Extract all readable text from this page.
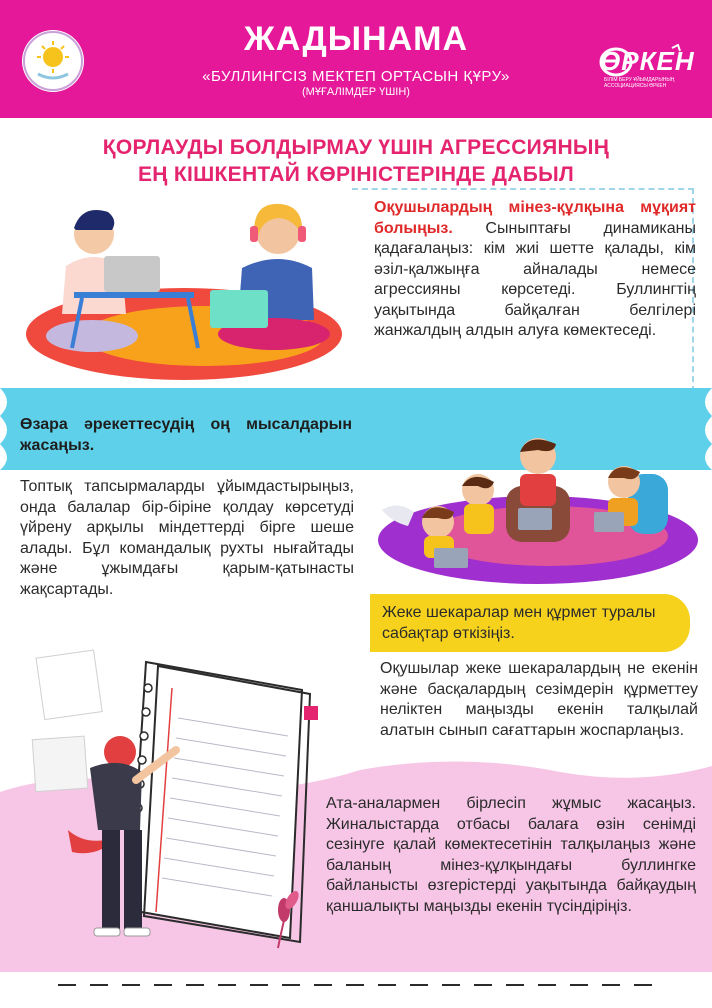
ЖАДЫНАМА
«БУЛЛИНГСІЗ МЕКТЕП ОРТАСЫН ҚҰРУ»
(МҰҒАЛІМДЕР ҮШІН)
ӨРКЕН
БІЛІМ БЕРУ ҰЙЫМДАРЫНЫҢ АССОЦИАЦИЯСЫ ӨРКЕН
ҚОРЛАУДЫ БОЛДЫРМАУ ҮШІН АГРЕССИЯНЫҢ
ЕҢ КІШКЕНТАЙ КӨРІНІСТЕРІНДЕ ДАБЫЛ
Оқушылардың мінез-құлқына мұқият болыңыз. Сыныптағы динамиканы қадағалаңыз: кім жиі шетте қалады, кім әзіл-қалжыңға айналады немесе агрессияны көрсетеді. Буллингтің уақытында байқалған белгілері жанжалдың алдын алуға көмектеседі.
Өзара әрекеттесудің оң мысалдарын жасаңыз.
Топтық тапсырмаларды ұйымдастырыңыз, онда балалар бір-біріне қолдау көрсетуді үйрену арқылы міндеттерді бірге шеше алады. Бұл командалық рухты нығайтады және ұжымдағы қарым-қатынасты жақсартады.
Жеке шекаралар мен құрмет туралы сабақтар өткізіңіз.
Оқушылар жеке шекаралардың не екенін және басқалардың сезімдерін құрметтеу неліктен маңызды екенін талқылай алатын сынып сағаттарын жоспарлаңыз.
Ата-аналармен бірлесіп жұмыс жасаңыз. Жиналыстарда отбасы балаға өзін сенімді сезінуге қалай көмектесетінін талқылаңыз және баланың мінез-құлқындағы буллингке байланысты өзгерістерді уақытында байқаудың қаншалықты маңызды екенін түсіндіріңіз.
